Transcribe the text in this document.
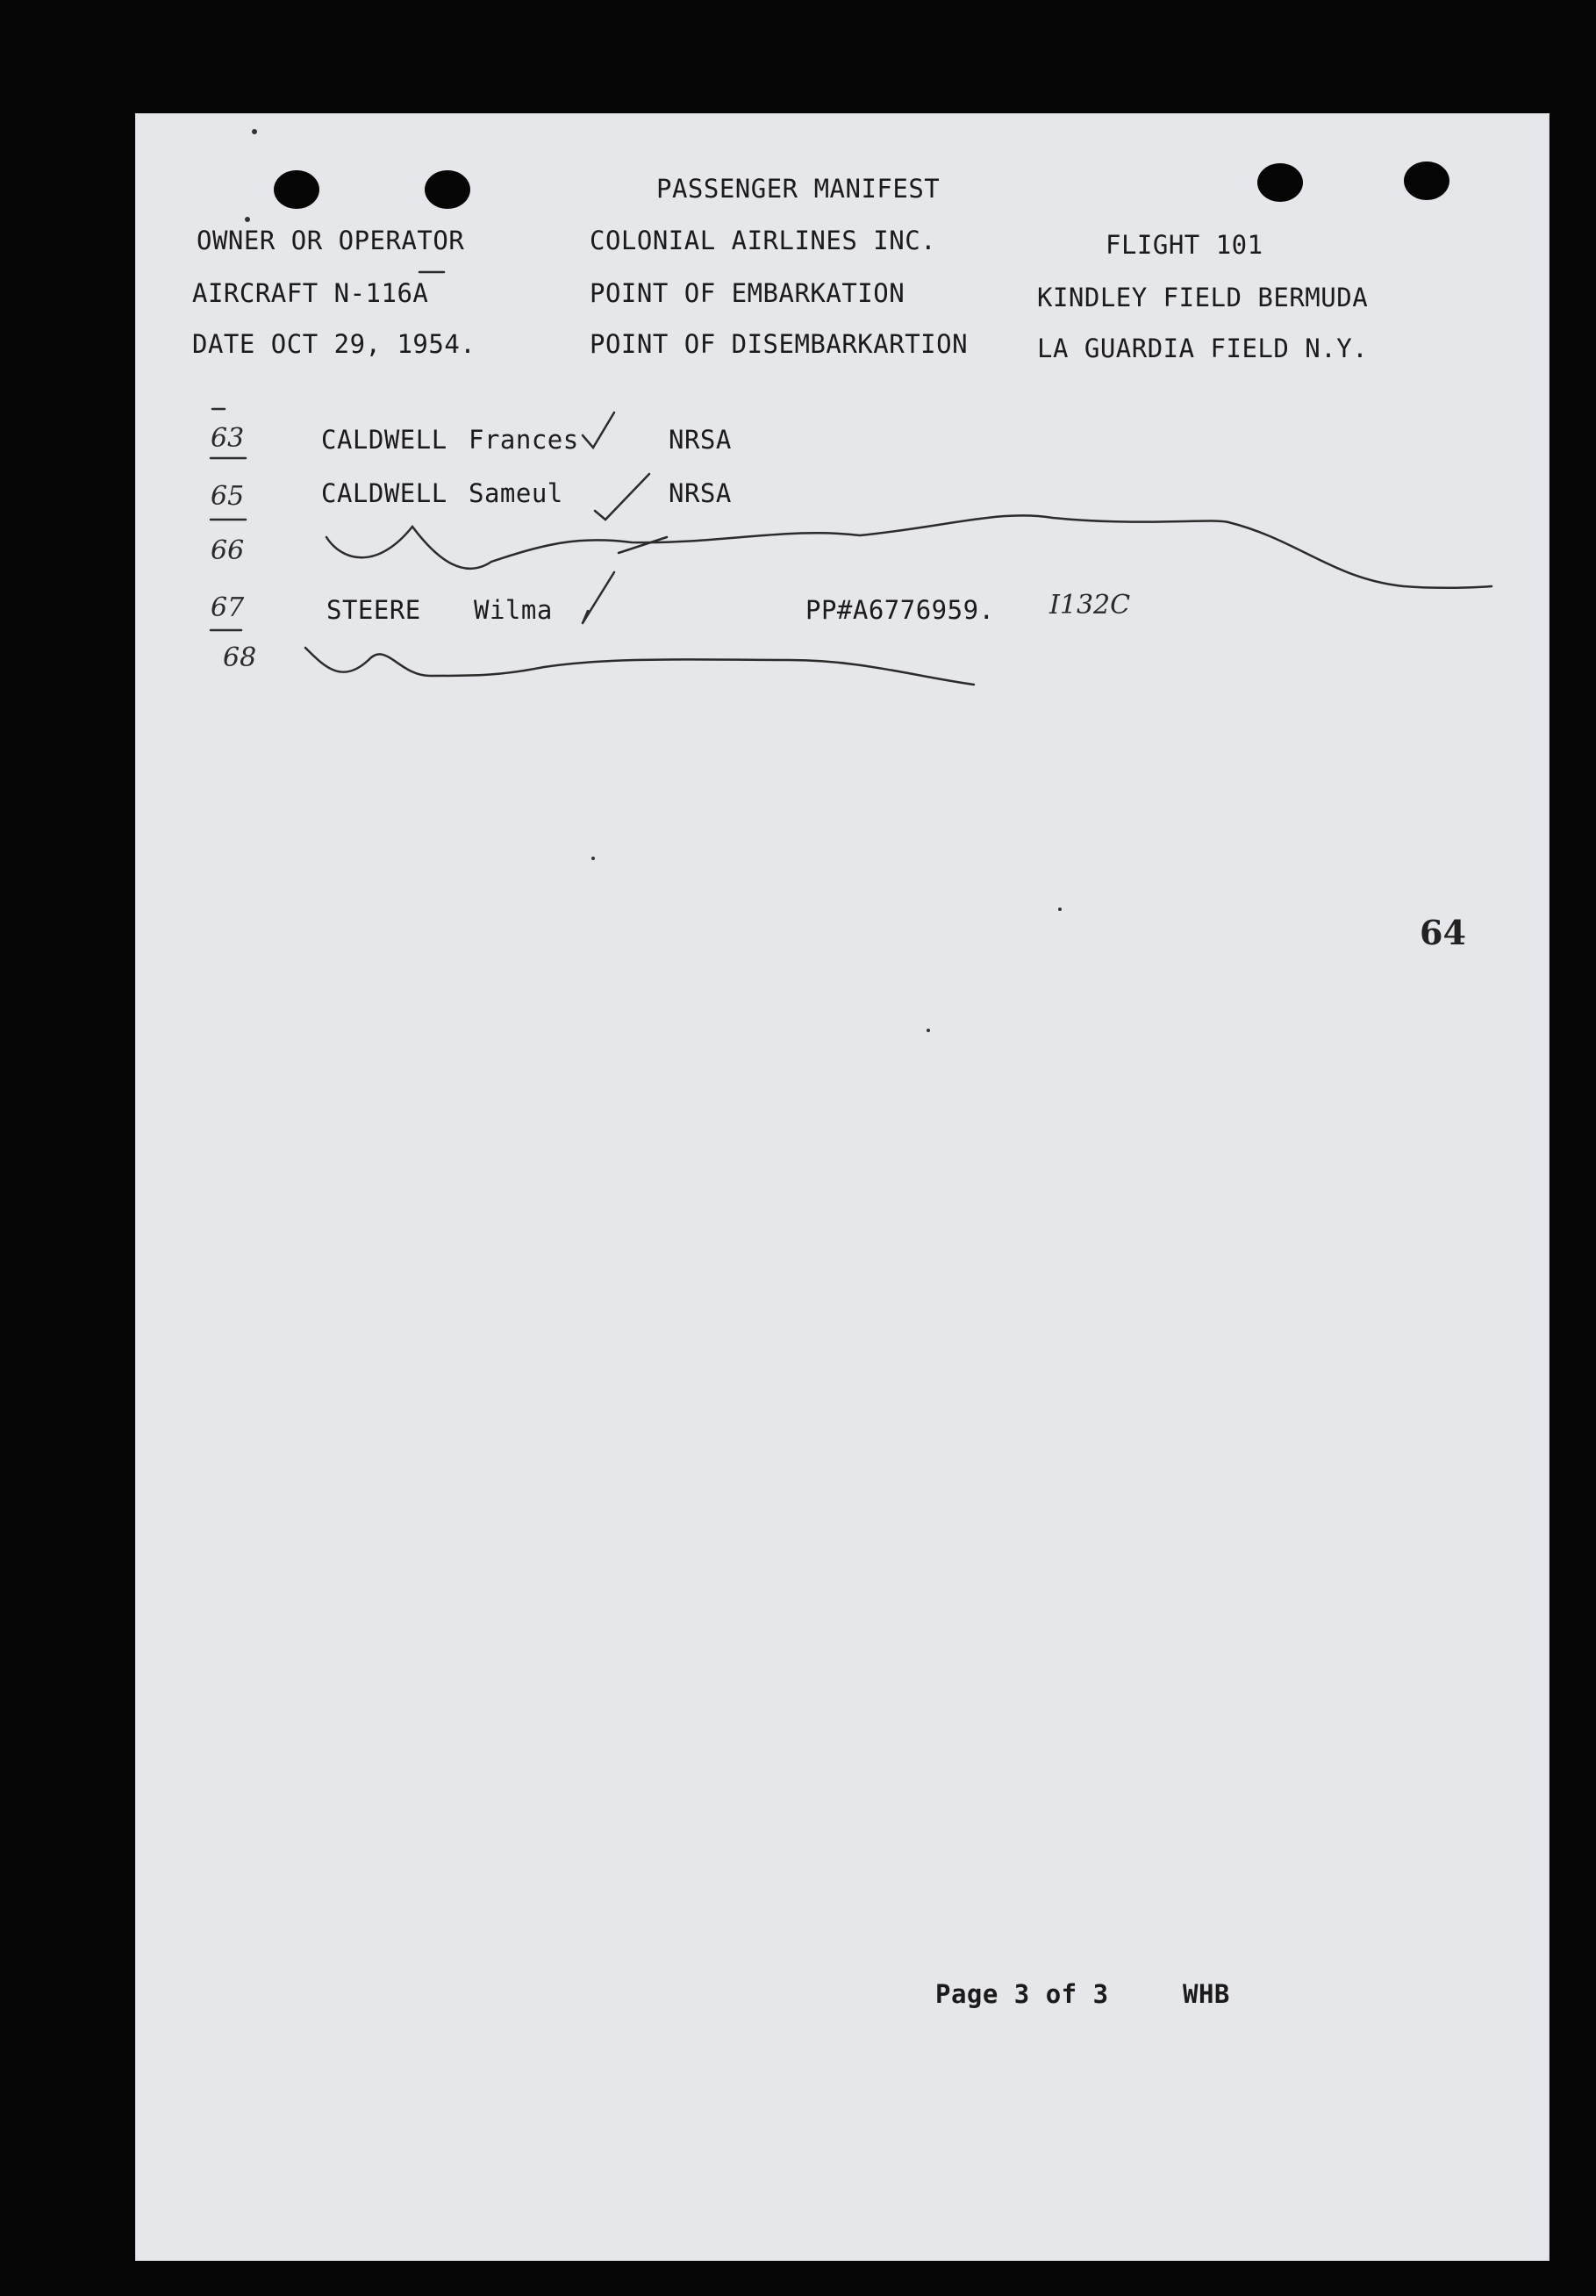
PASSENGER MANIFEST
OWNER OR OPERATOR	COLONIAL AIRLINES INC.	FLIGHT 101
AIRCRAFT N-116A	POINT OF EMBARKATION	KINDLEY FIELD BERMUDA
DATE OCT 29, 1954.	POINT OF DISEMBARKARTION	LA GUARDIA FIELD N.Y.
63	CALDWELL Frances	NRSA
65	CALDWELL Sameul	NRSA
66
67	STEERE Wilma	PP#A6776959. I132C
68
64
Page 3 of 3	WHB
